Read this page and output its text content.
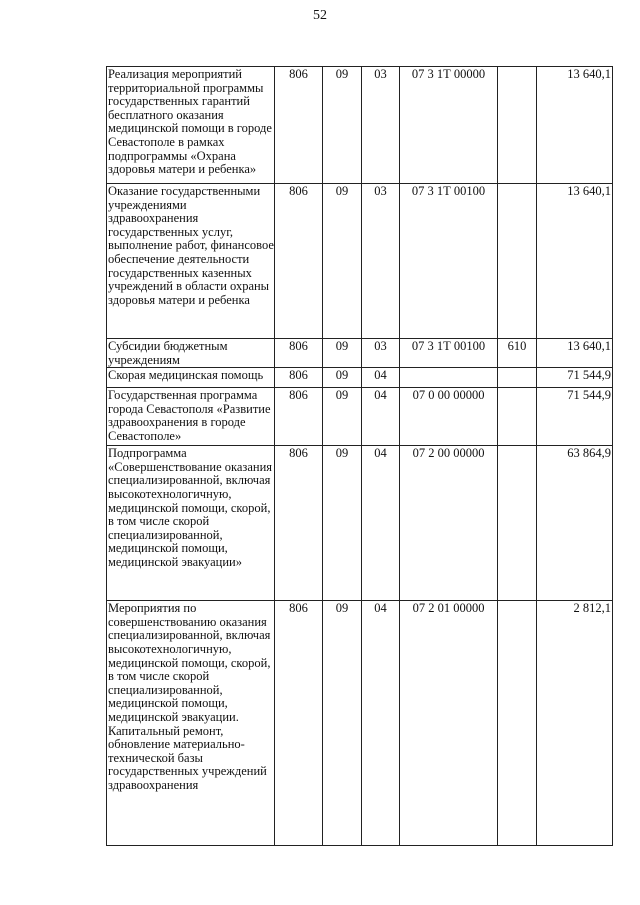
52
Реализация мероприятий территориальной программы государственных гарантий бесплатного оказания медицинской помощи в городе Севастополе в рамках подпрограммы «Охрана здоровья матери и ребенка»	806	09	03	07 3 1Т 00000		13 640,1
Оказание государственными учреждениями здравоохранения государственных услуг, выполнение работ, финансовое обеспечение деятельности государственных казенных учреждений в области охраны здоровья матери и ребенка	806	09	03	07 3 1Т 00100		13 640,1
Субсидии бюджетным учреждениям	806	09	03	07 3 1Т 00100	610	13 640,1
Скорая медицинская помощь	806	09	04			71 544,9
Государственная программа города Севастополя «Развитие здравоохранения в городе Севастополе»	806	09	04	07 0 00 00000		71 544,9
Подпрограмма «Совершенствование оказания специализированной, включая высокотехнологичную, медицинской помощи, скорой, в том числе скорой специализированной, медицинской помощи, медицинской эвакуации»	806	09	04	07 2 00 00000		63 864,9
Мероприятия по совершенствованию оказания специализированной, включая высокотехнологичную, медицинской помощи, скорой, в том числе скорой специализированной, медицинской помощи, медицинской эвакуации. Капитальный ремонт, обновление материально-технической базы государственных учреждений здравоохранения	806	09	04	07 2 01 00000		2 812,1
